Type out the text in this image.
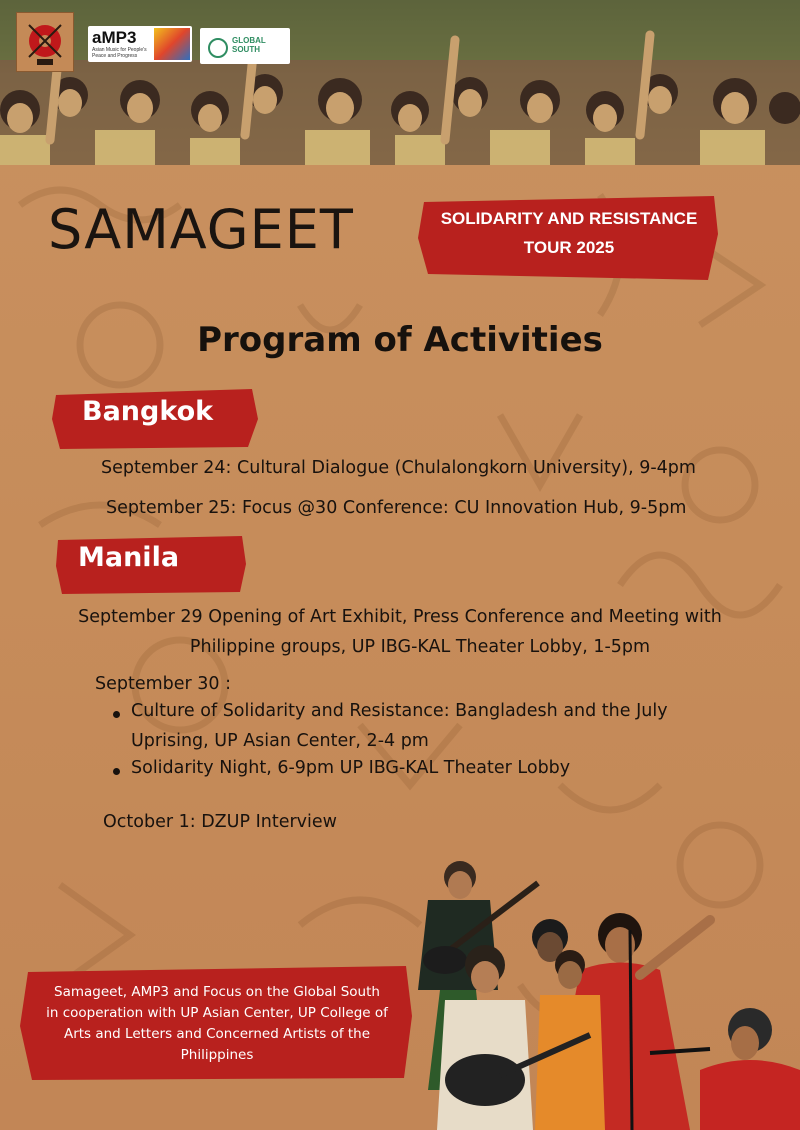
aMP3
Asian Music for People's Peace and Progress
GLOBAL SOUTH
SAMAGEET	SOLIDARITY AND RESISTANCE
TOUR 2025
Program of Activities
Bangkok
September 24: Cultural Dialogue (Chulalongkorn University), 9-4pm
September 25: Focus @30 Conference: CU Innovation Hub, 9-5pm
Manila
September 29 Opening of Art Exhibit, Press Conference and Meeting with
Philippine groups, UP IBG-KAL Theater Lobby, 1-5pm
September 30 :
Culture of Solidarity and Resistance: Bangladesh and the July
Uprising, UP Asian Center, 2-4 pm
Solidarity Night, 6-9pm UP IBG-KAL Theater Lobby
October 1: DZUP Interview
Samageet, AMP3 and Focus on the Global South
in cooperation with UP Asian Center, UP College of
Arts and Letters and Concerned Artists of the
Philippines
